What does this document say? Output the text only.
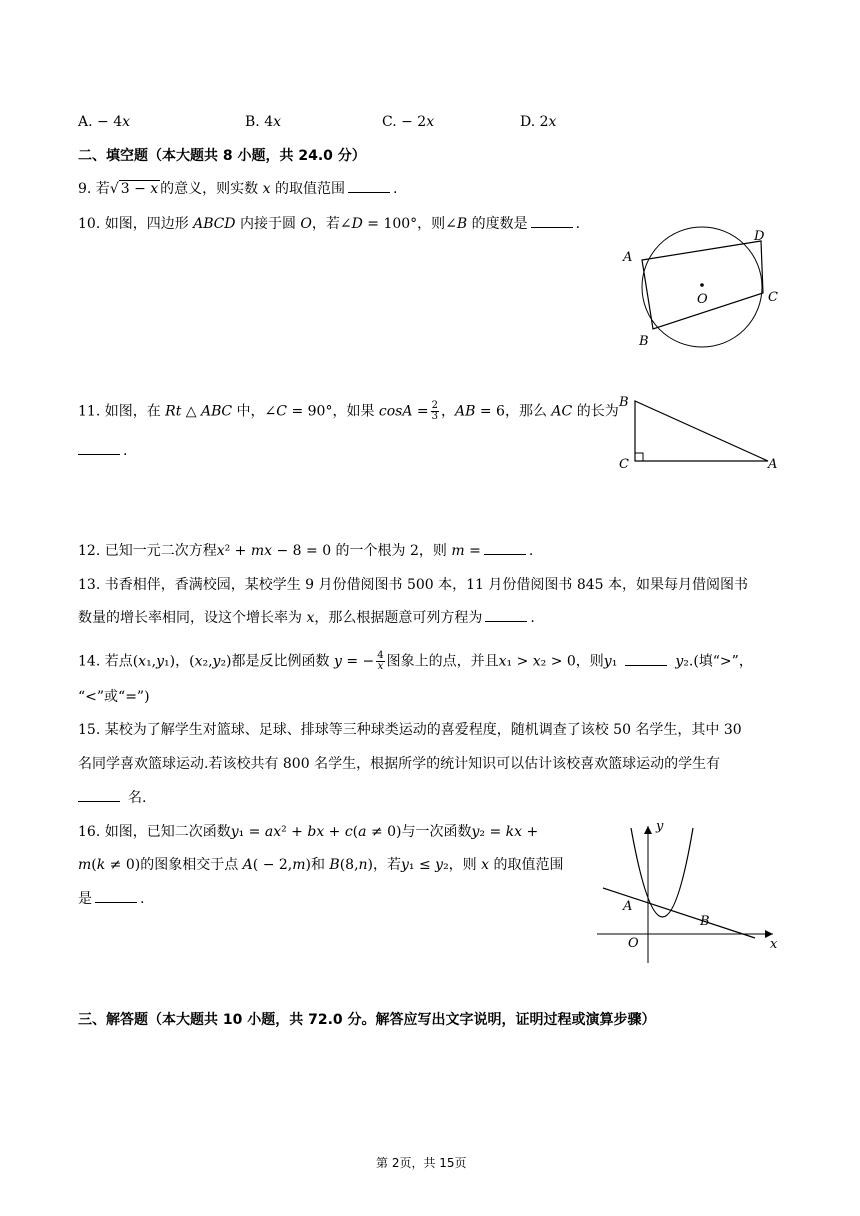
A. − 4𝑥	B. 4𝑥	C. − 2𝑥	D. 2𝑥
二、填空题（本大题共 8 小题，共 24.0 分）
9. 若√ 3 − 𝑥 的意义，则实数 𝑥 的取值范围	.
10. 如图，四边形 𝐴𝐵𝐶𝐷 内接于圆 𝑂，若∠𝐷 = 100°，则∠𝐵 的度数是	.
A
B
C
D
O
11. 如图，在 𝑅𝑡 △ 𝐴𝐵𝐶 中，∠𝐶 = 90°，如果 𝑐𝑜𝑠𝐴 = $\frac{2}{3}$ ，𝐴𝐵 = 6，那么 𝐴𝐶 的长为
.
B
C	A
12. 已知一元二次方程𝑥² + 𝑚𝑥 − 8 = 0 的一个根为 2，则 𝑚 =	.
13. 书香相伴，香满校园，某校学生 9 月份借阅图书 500 本，11 月份借阅图书 845 本，如果每月借阅图书
数量的增长率相同，设这个增长率为 𝑥，那么根据题意可列方程为	.
14. 若点(𝑥₁,𝑦₁)，(𝑥₂,𝑦₂)都是反比例函数 𝑦 = − $\frac{4}{\text{𝑥}}$ 图象上的点，并且𝑥₁ > 𝑥₂ > 0，则𝑦₁	𝑦₂.(填“>”，
“<”或“=”)
15. 某校为了解学生对篮球、足球、排球等三种球类运动的喜爱程度，随机调查了该校 50 名学生，其中 30
名同学喜欢篮球运动.若该校共有 800 名学生，根据所学的统计知识可以估计该校喜欢篮球运动的学生有
名.
16. 如图，已知二次函数𝑦₁ = 𝑎𝑥² + 𝑏𝑥 + 𝑐(𝑎 ≠ 0)与一次函数𝑦₂ = 𝑘𝑥 +
𝑚(𝑘 ≠ 0)的图象相交于点 𝐴( − 2,𝑚)和 𝐵(8,𝑛)，若𝑦₁ ≤ 𝑦₂，则 𝑥 的取值范围
是	.
y
x
O
A
B
三、解答题（本大题共 10 小题，共 72.0 分。解答应写出文字说明，证明过程或演算步骤）
第 2页，共 15页
